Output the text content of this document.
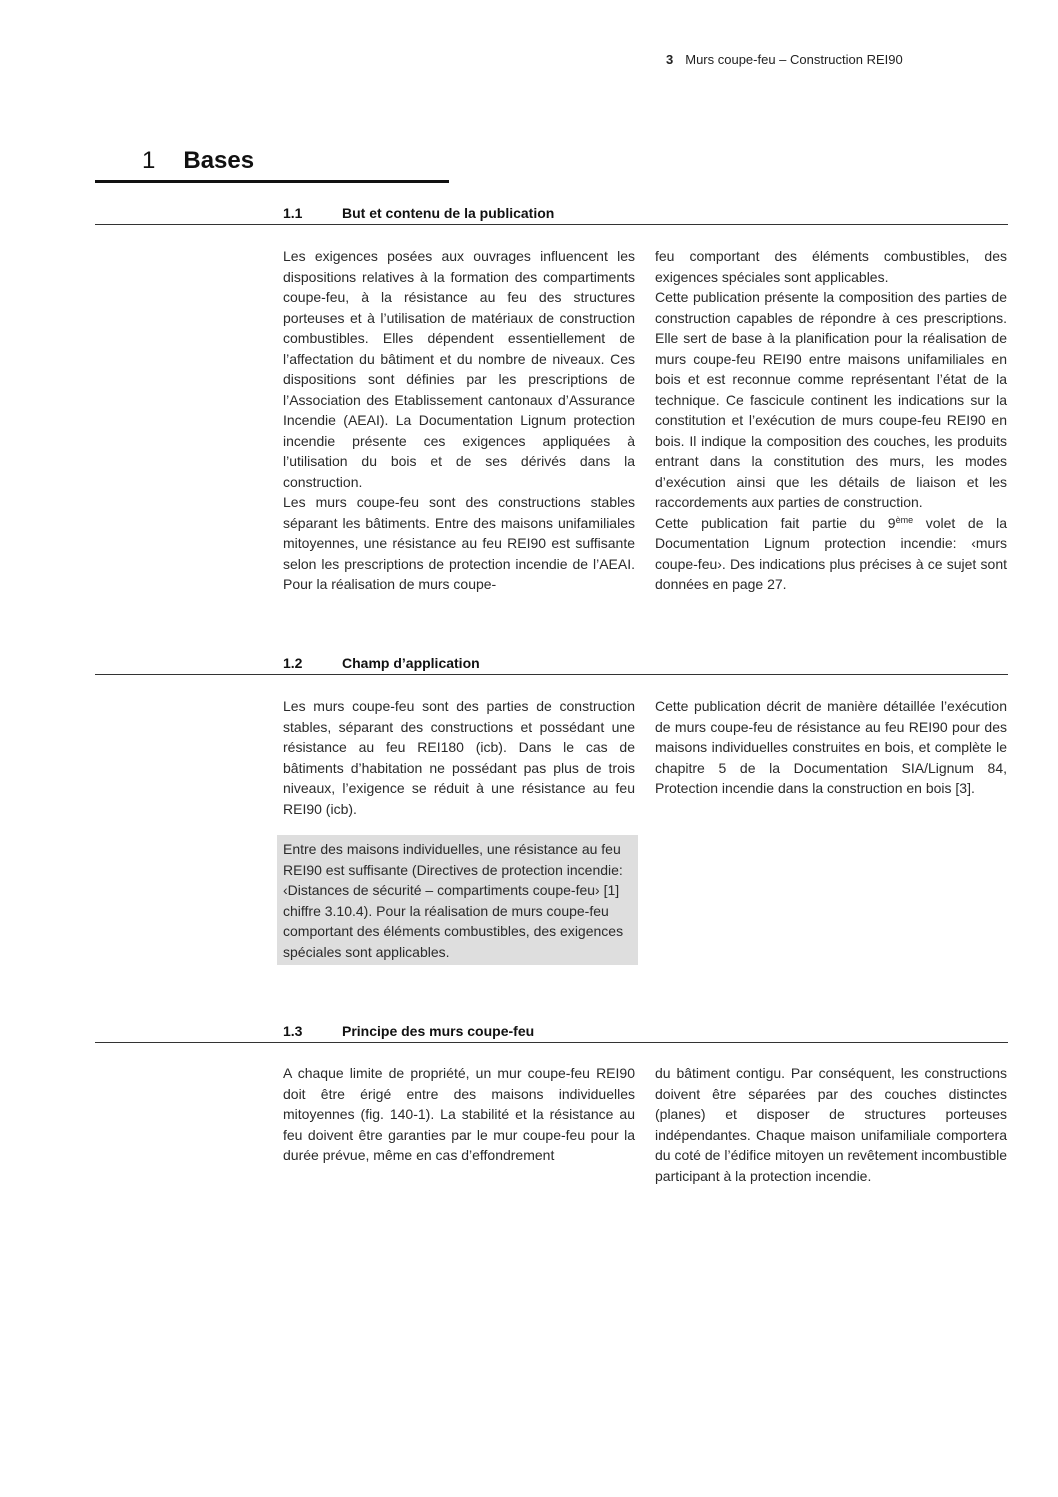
3 Murs coupe-feu – Construction REI90
1 Bases
1.1	But et contenu de la publication

Les exigences posées aux ouvrages influencent les dispositions relatives à la formation des compartiments coupe-feu, à la résistance au feu des structures porteuses et à l’utilisation de matériaux de construction combustibles. Elles dépendent essentiellement de l’affectation du bâtiment et du nombre de niveaux. Ces dispositions sont définies par les prescriptions de l’Association des Etablissement cantonaux d’Assurance Incendie (AEAI). La Documentation Lignum protection incendie présente ces exigences appliquées à l’utilisation du bois et de ses dérivés dans la construction.

Les murs coupe-feu sont des constructions stables séparant les bâtiments. Entre des maisons unifamiliales mitoyennes, une résistance au feu REI90 est suffisante selon les prescriptions de protection incendie de l’AEAI. Pour la réalisation de murs coupe-

feu comportant des éléments combustibles, des exigences spéciales sont applicables.

Cette publication présente la composition des parties de construction capables de répondre à ces prescriptions. Elle sert de base à la planification pour la réalisation de murs coupe-feu REI90 entre maisons unifamiliales en bois et est reconnue comme représentant l’état de la technique. Ce fascicule continent les indications sur la constitution et l’exécution de murs coupe-feu REI90 en bois. Il indique la composition des couches, les produits entrant dans la constitution des murs, les modes d’exécution ainsi que les détails de liaison et les raccordements aux parties de construction.

Cette publication fait partie du 9ème volet de la Documentation Lignum protection incendie: ‹murs coupe-feu›. Des indications plus précises à ce sujet sont données en page 27.

1.2	Champ d’application

Les murs coupe-feu sont des parties de construction stables, séparant des constructions et possédant une résistance au feu REI180 (icb). Dans le cas de bâtiments d’habitation ne possédant pas plus de trois niveaux, l’exigence se réduit à une résistance au feu REI90 (icb).

Entre des maisons individuelles, une résistance au feu REI90 est suffisante (Directives de protection incendie: ‹Distances de sécurité – compartiments coupe-feu› [1] chiffre 3.10.4). Pour la réalisation de murs coupe-feu comportant des éléments combustibles, des exigences spéciales sont applicables.

Cette publication décrit de manière détaillée l’exécution de murs coupe-feu de résistance au feu REI90 pour des maisons individuelles construites en bois, et complète le chapitre 5 de la Documentation SIA/Lignum 84, Protection incendie dans la construction en bois [3].

1.3	Principe des murs coupe-feu

A chaque limite de propriété, un mur coupe-feu REI90 doit être érigé entre des maisons individuelles mitoyennes (fig. 140-1). La stabilité et la résistance au feu doivent être garanties par le mur coupe-feu pour la durée prévue, même en cas d’effondrement

du bâtiment contigu. Par conséquent, les constructions doivent être séparées par des couches distinctes (planes) et disposer de structures porteuses indépendantes. Chaque maison unifamiliale comportera du coté de l’édifice mitoyen un revêtement incombustible participant à la protection incendie.
